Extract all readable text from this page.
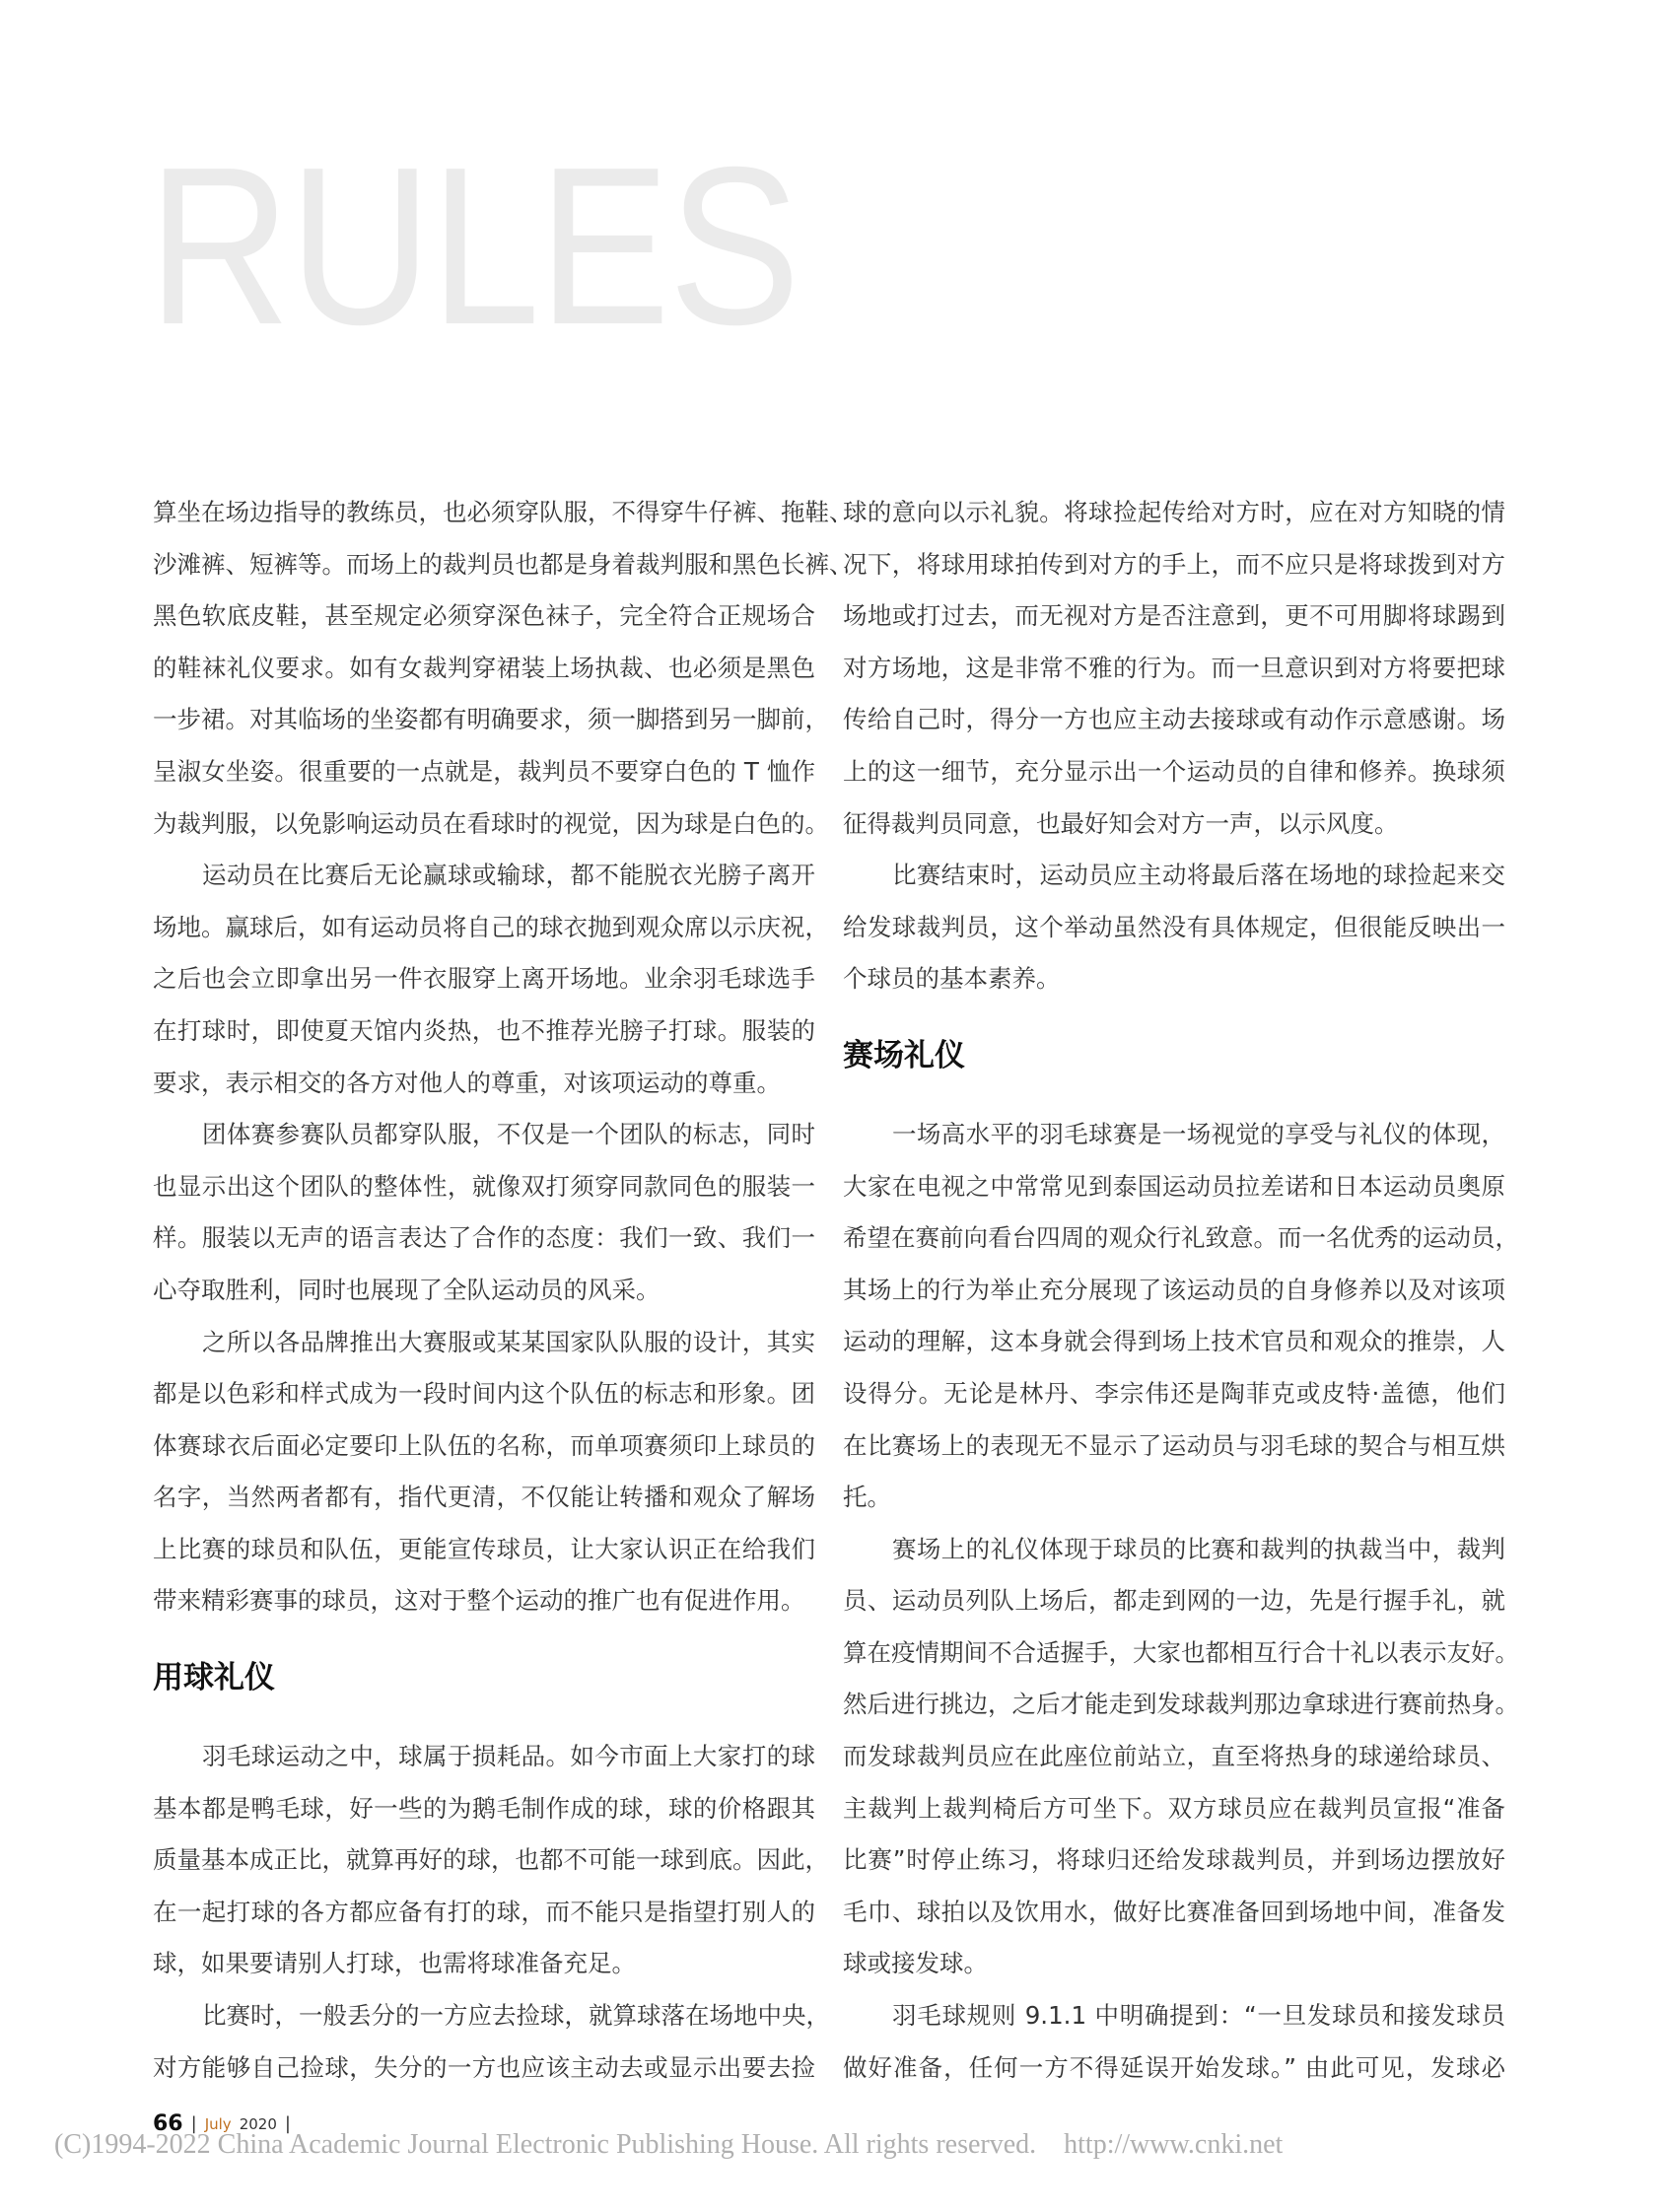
RULES
算坐在场边指导的教练员，也必须穿队服，不得穿牛仔裤、拖鞋、
沙滩裤、短裤等。而场上的裁判员也都是身着裁判服和黑色长裤、
黑色软底皮鞋，甚至规定必须穿深色袜子，完全符合正规场合
的鞋袜礼仪要求。如有女裁判穿裙装上场执裁、也必须是黑色
一步裙。对其临场的坐姿都有明确要求，须一脚搭到另一脚前，
呈淑女坐姿。很重要的一点就是，裁判员不要穿白色的 T 恤作
为裁判服，以免影响运动员在看球时的视觉，因为球是白色的。
运动员在比赛后无论赢球或输球，都不能脱衣光膀子离开
场地。赢球后，如有运动员将自己的球衣抛到观众席以示庆祝，
之后也会立即拿出另一件衣服穿上离开场地。业余羽毛球选手
在打球时，即使夏天馆内炎热，也不推荐光膀子打球。服装的
要求，表示相交的各方对他人的尊重，对该项运动的尊重。
团体赛参赛队员都穿队服，不仅是一个团队的标志，同时
也显示出这个团队的整体性，就像双打须穿同款同色的服装一
样。服装以无声的语言表达了合作的态度：我们一致、我们一
心夺取胜利，同时也展现了全队运动员的风采。
之所以各品牌推出大赛服或某某国家队队服的设计，其实
都是以色彩和样式成为一段时间内这个队伍的标志和形象。团
体赛球衣后面必定要印上队伍的名称，而单项赛须印上球员的
名字，当然两者都有，指代更清，不仅能让转播和观众了解场
上比赛的球员和队伍，更能宣传球员，让大家认识正在给我们
带来精彩赛事的球员，这对于整个运动的推广也有促进作用。
用球礼仪
羽毛球运动之中，球属于损耗品。如今市面上大家打的球
基本都是鸭毛球，好一些的为鹅毛制作成的球，球的价格跟其
质量基本成正比，就算再好的球，也都不可能一球到底。因此，
在一起打球的各方都应备有打的球，而不能只是指望打别人的
球，如果要请别人打球，也需将球准备充足。
比赛时，一般丢分的一方应去捡球，就算球落在场地中央，
对方能够自己捡球，失分的一方也应该主动去或显示出要去捡
球的意向以示礼貌。将球捡起传给对方时，应在对方知晓的情
况下，将球用球拍传到对方的手上，而不应只是将球拨到对方
场地或打过去，而无视对方是否注意到，更不可用脚将球踢到
对方场地，这是非常不雅的行为。而一旦意识到对方将要把球
传给自己时，得分一方也应主动去接球或有动作示意感谢。场
上的这一细节，充分显示出一个运动员的自律和修养。换球须
征得裁判员同意，也最好知会对方一声，以示风度。
比赛结束时，运动员应主动将最后落在场地的球捡起来交
给发球裁判员，这个举动虽然没有具体规定，但很能反映出一
个球员的基本素养。
赛场礼仪
一场高水平的羽毛球赛是一场视觉的享受与礼仪的体现，
大家在电视之中常常见到泰国运动员拉差诺和日本运动员奥原
希望在赛前向看台四周的观众行礼致意。而一名优秀的运动员，
其场上的行为举止充分展现了该运动员的自身修养以及对该项
运动的理解，这本身就会得到场上技术官员和观众的推崇，人
设得分。无论是林丹、李宗伟还是陶菲克或皮特·盖德，他们
在比赛场上的表现无不显示了运动员与羽毛球的契合与相互烘
托。
赛场上的礼仪体现于球员的比赛和裁判的执裁当中，裁判
员、运动员列队上场后，都走到网的一边，先是行握手礼，就
算在疫情期间不合适握手，大家也都相互行合十礼以表示友好。
然后进行挑边，之后才能走到发球裁判那边拿球进行赛前热身。
而发球裁判员应在此座位前站立，直至将热身的球递给球员、
主裁判上裁判椅后方可坐下。双方球员应在裁判员宣报“准备
比赛”时停止练习，将球归还给发球裁判员，并到场边摆放好
毛巾、球拍以及饮用水，做好比赛准备回到场地中间，准备发
球或接发球。
羽毛球规则 9.1.1 中明确提到：“一旦发球员和接发球员
做好准备，任何一方不得延误开始发球。” 由此可见，发球必
66 | July 2020 |
(C)1994-2022 China Academic Journal Electronic Publishing House. All rights reserved.    http://www.cnki.net
